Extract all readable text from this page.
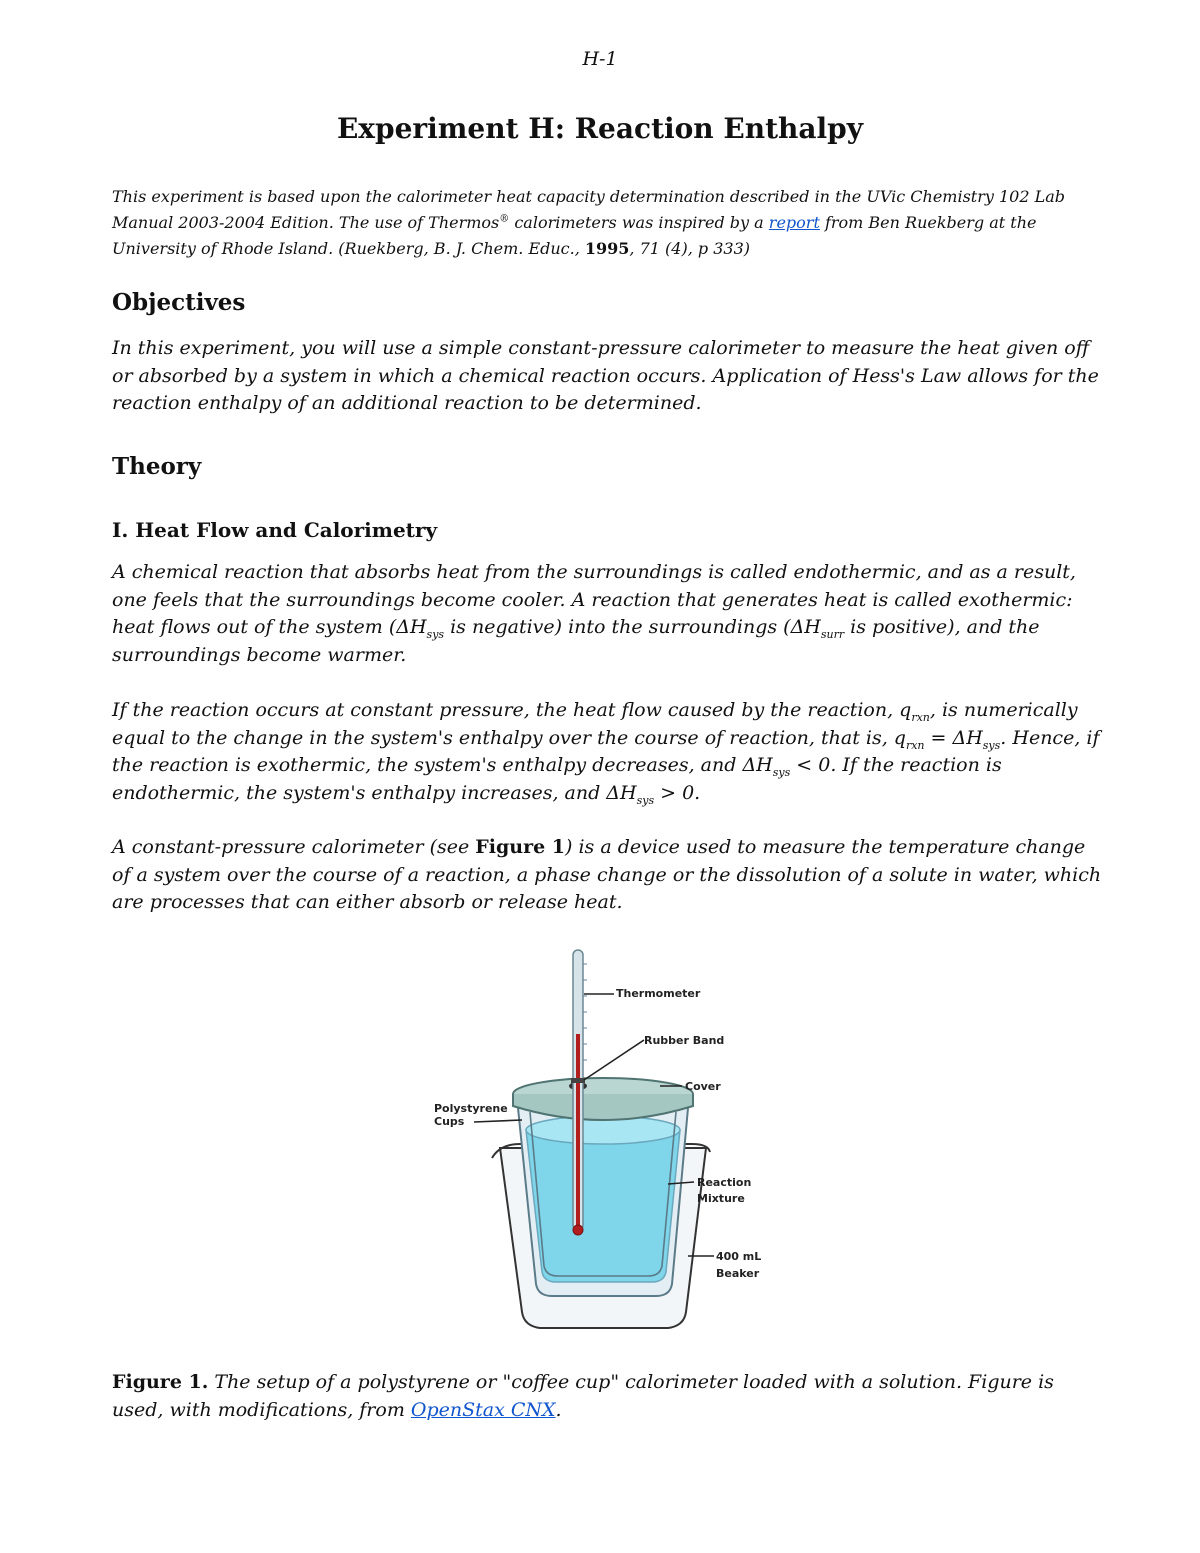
H-1
Experiment H: Reaction Enthalpy

This experiment is based upon the calorimeter heat capacity determination described in the UVic Chemistry 102 Lab Manual 2003-2004 Edition. The use of Thermos® calorimeters was inspired by a report from Ben Ruekberg at the University of Rhode Island. (Ruekberg, B. J. Chem. Educ., 1995, 71 (4), p 333)

Objectives

In this experiment, you will use a simple constant-pressure calorimeter to measure the heat given off or absorbed by a system in which a chemical reaction occurs. Application of Hess's Law allows for the reaction enthalpy of an additional reaction to be determined.

Theory
I. Heat Flow and Calorimetry

A chemical reaction that absorbs heat from the surroundings is called endothermic, and as a result, one feels that the surroundings become cooler. A reaction that generates heat is called exothermic: heat flows out of the system ($\Delta H_{sys}$ is negative) into the surroundings ($\Delta H_{surr}$ is positive), and the surroundings become warmer.

If the reaction occurs at constant pressure, the heat flow caused by the reaction, $q_{rxn}$, is numerically equal to the change in the system's enthalpy over the course of reaction, that is, $q_{rxn} = \Delta H_{sys}$. Hence, if the reaction is exothermic, the system's enthalpy decreases, and $\Delta H_{sys} < 0$. If the reaction is endothermic, the system's enthalpy increases, and $\Delta H_{sys} > 0$.

A constant-pressure calorimeter (see Figure 1) is a device used to measure the temperature change of a system over the course of a reaction, a phase change or the dissolution of a solute in water, which are processes that can either absorb or release heat.

Thermometer
Rubber Band
Cover
Polystyrene
Cups
Reaction
Mixture
400 mL
Beaker

Figure 1. The setup of a polystyrene or "coffee cup" calorimeter loaded with a solution. Figure is used, with modifications, from OpenStax CNX.
